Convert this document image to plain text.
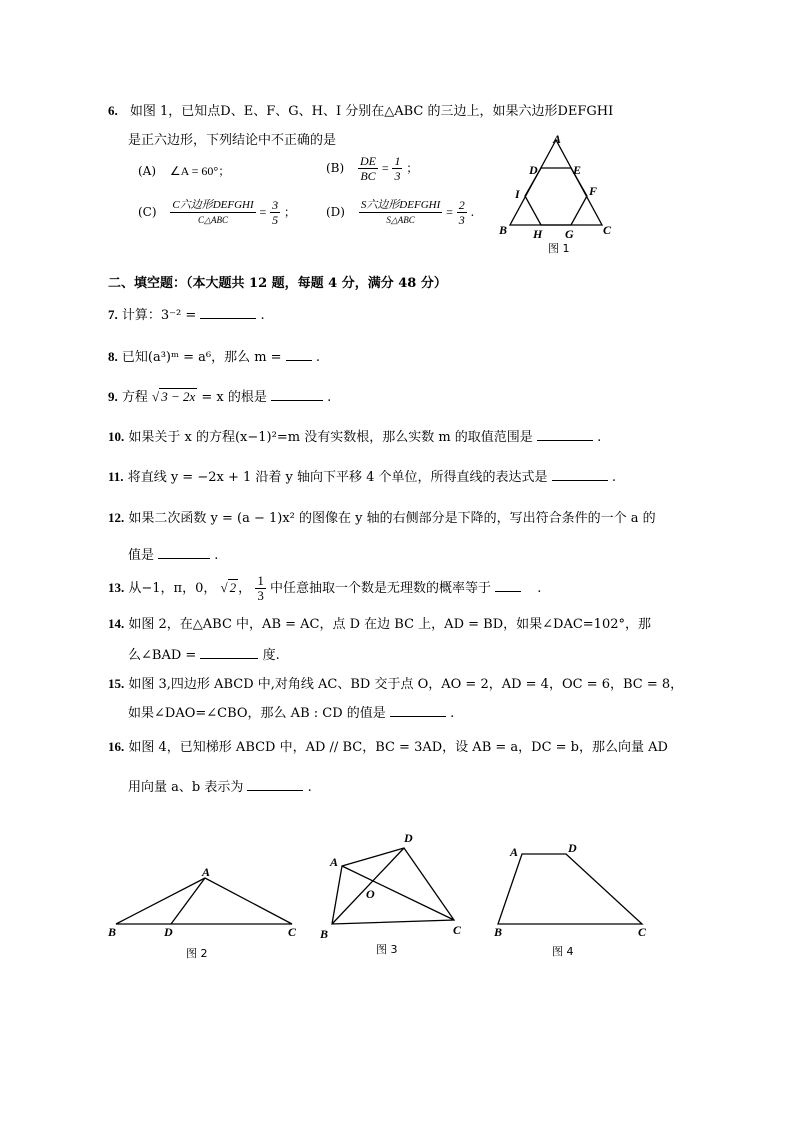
6. 如图 1，已知点D、E、F、G、H、I 分别在△ABC 的三边上，如果六边形DEFGHI
是正六边形，下列结论中不正确的是
(A) ∠A = 60°；	$(B) \frac{DE}{BC} = \frac{1}{3}$ ；
$(C) \frac{\text{C六边形DEFGHI}}{\text{C△ABC}} = \frac{3}{5}$ ；	$(D) \frac{\text{S六边形DEFGHI}}{\text{S△ABC}} = \frac{2}{3}$ .
A
B	C
D	E
F
G
H
I
图 1
二、填空题：（本大题共 12 题，每题 4 分，满分 48 分）
7. 计算：3⁻² =	.
8. 已知(a³)ᵐ = a⁶，那么 m =	.
9. 方程 √ 3 − 2x = x 的根是	.
10. 如果关于 x 的方程(x−1)²=m 没有实数根，那么实数 m 的取值范围是	.
11. 将直线 y = −2x + 1 沿着 y 轴向下平移 4 个单位，所得直线的表达式是	.
12. 如果二次函数 y = (a − 1)x² 的图像在 y 轴的右侧部分是下降的，写出符合条件的一个 a 的
值是	.
13. 从−1，π，0， √ 2 ， $\frac{1}{3}$ 中任意抽取一个数是无理数的概率等于	.
14. 如图 2，在△ABC 中，AB = AC，点 D 在边 BC 上，AD = BD，如果∠DAC=102°，那
么∠BAD =	度.
15. 如图 3,四边形 ABCD 中,对角线 AC、BD 交于点 O，AO = 2，AD = 4，OC = 6，BC = 8，
如果∠DAO=∠CBO，那么 AB : CD 的值是	.
16. 如图 4，已知梯形 ABCD 中，AD // BC，BC = 3AD，设 AB = a，DC = b，那么向量 AD
用向量 a、b 表示为	.
A
B	D	C
图 2
A
D
B	C
O
图 3
A	D
B	C
图 4
